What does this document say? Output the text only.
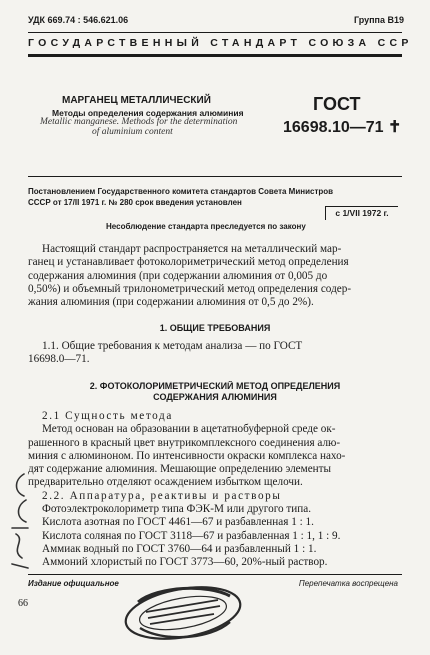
УДК 669.74 : 546.621.06	Группа В19
ГОСУДАРСТВЕННЫЙ СТАНДАРТ СОЮЗА ССР
МАРГАНЕЦ МЕТАЛЛИЧЕСКИЙ
Методы определения содержания алюминия
Metallic manganese. Methods for the determination
of aluminium content
ГОСТ
16698.10—71 ✝
Постановлением Государственного комитета стандартов Совета Министров
СССР от 17/II 1971 г. № 280 срок введения установлен
с 1/VII 1972 г.
Несоблюдение стандарта преследуется по закону
Настоящий стандарт распространяется на металлический мар-
ганец и устанавливает фотоколориметрический метод определения
содержания алюминия (при содержании алюминия от 0,005 до
0,50%) и объемный трилонометрический метод определения содер-
жания алюминия (при содержании алюминия от 0,5 до 2%).
1. ОБЩИЕ ТРЕБОВАНИЯ
1.1. Общие требования к методам анализа — по ГОСТ
16698.0—71.
2. ФОТОКОЛОРИМЕТРИЧЕСКИЙ МЕТОД ОПРЕДЕЛЕНИЯ
СОДЕРЖАНИЯ АЛЮМИНИЯ
2.1 Сущность метода
Метод основан на образовании в ацетатнобуферной среде ок-
рашенного в красный цвет внутрикомплексного соединения алю-
миния с алюминоном. По интенсивности окраски комплекса нахо-
дят содержание алюминия. Мешающие определению элементы
предварительно отделяют осаждением избытком щелочи.
2.2. Аппаратура, реактивы и растворы
Фотоэлектроколориметр типа ФЭК-М или другого типа.
Кислота азотная по ГОСТ 4461—67 и разбавленная 1 : 1.
Кислота соляная по ГОСТ 3118—67 и разбавленная 1 : 1, 1 : 9.
Аммиак водный по ГОСТ 3760—64 и разбавленный 1 : 1.
Аммоний хлористый по ГОСТ 3773—60, 20%-ный раствор.
Издание официальное	Перепечатка воспрещена
66
